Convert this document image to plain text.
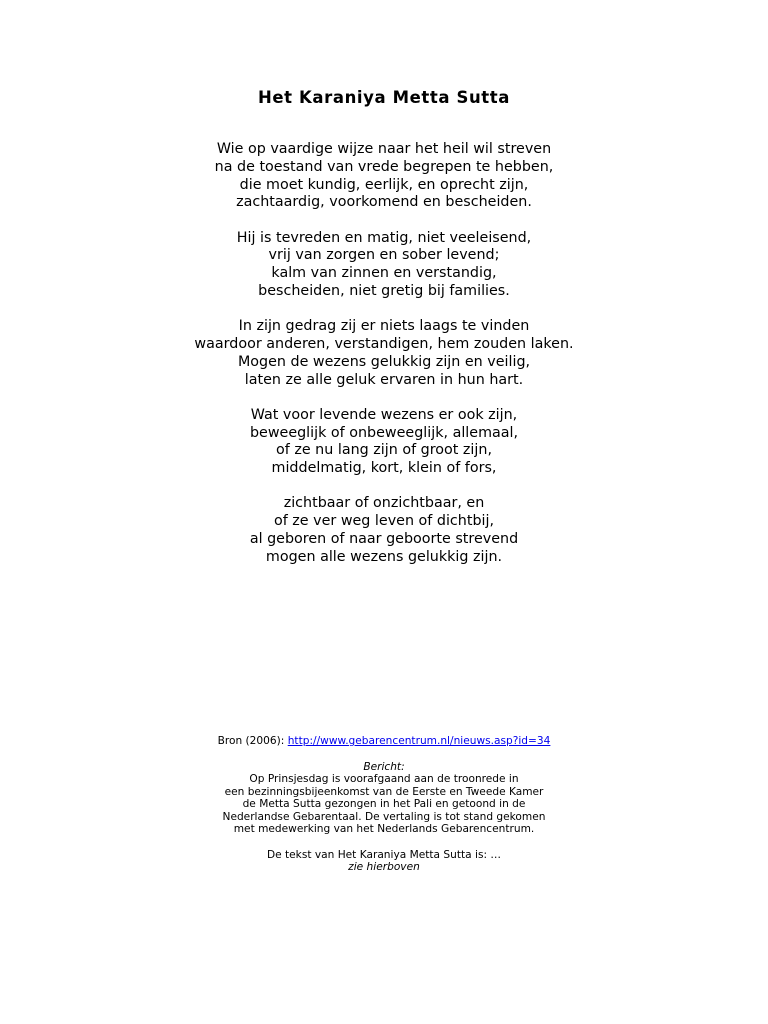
Het Karaniya Metta Sutta
Wie op vaardige wijze naar het heil wil streven
na de toestand van vrede begrepen te hebben,
die moet kundig, eerlijk, en oprecht zijn,
zachtaardig, voorkomend en bescheiden.
Hij is tevreden en matig, niet veeleisend,
vrij van zorgen en sober levend;
kalm van zinnen en verstandig,
bescheiden, niet gretig bij families.
In zijn gedrag zij er niets laags te vinden
waardoor anderen, verstandigen, hem zouden laken.
Mogen de wezens gelukkig zijn en veilig,
laten ze alle geluk ervaren in hun hart.
Wat voor levende wezens er ook zijn,
beweeglijk of onbeweeglijk, allemaal,
of ze nu lang zijn of groot zijn,
middelmatig, kort, klein of fors,
zichtbaar of onzichtbaar, en
of ze ver weg leven of dichtbij,
al geboren of naar geboorte strevend
mogen alle wezens gelukkig zijn.
Bron (2006): http://www.gebarencentrum.nl/nieuws.asp?id=34
Bericht:
Op Prinsjesdag is voorafgaand aan de troonrede in
een bezinningsbijeenkomst van de Eerste en Tweede Kamer
de Metta Sutta gezongen in het Pali en getoond in de
Nederlandse Gebarentaal. De vertaling is tot stand gekomen
met medewerking van het Nederlands Gebarencentrum.
De tekst van Het Karaniya Metta Sutta is: …
zie hierboven
